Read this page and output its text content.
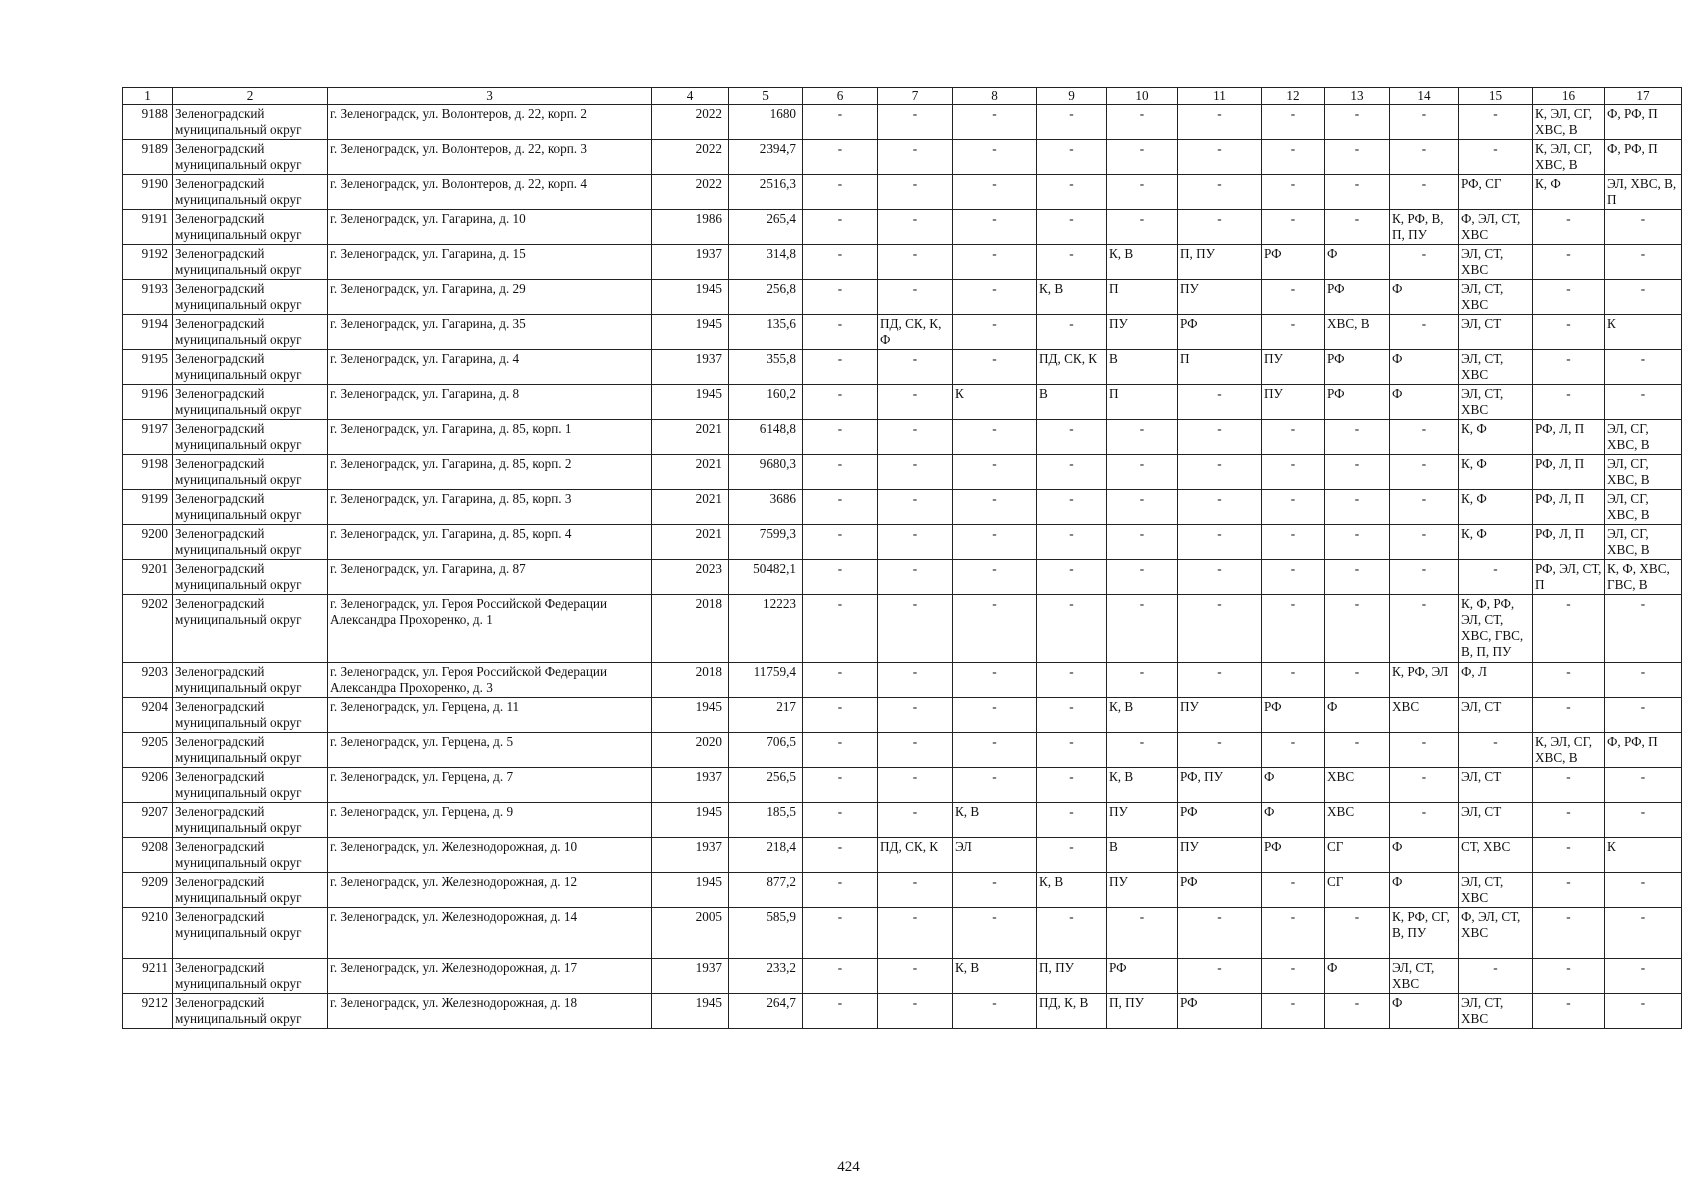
1	2	3	4	5	6	7	8	9	10	11	12	13	14	15	16	17
9188	Зеленоградский муниципальный округ	г. Зеленоградск, ул. Волонтеров, д. 22, корп. 2	2022	1680	-	-	-	-	-	-	-	-	-	-	К, ЭЛ, СГ, ХВС, В	Ф, РФ, П
9189	Зеленоградский муниципальный округ	г. Зеленоградск, ул. Волонтеров, д. 22, корп. 3	2022	2394,7	-	-	-	-	-	-	-	-	-	-	К, ЭЛ, СГ, ХВС, В	Ф, РФ, П
9190	Зеленоградский муниципальный округ	г. Зеленоградск, ул. Волонтеров, д. 22, корп. 4	2022	2516,3	-	-	-	-	-	-	-	-	-	РФ, СГ	К, Ф	ЭЛ, ХВС, В, П
9191	Зеленоградский муниципальный округ	г. Зеленоградск, ул. Гагарина, д. 10	1986	265,4	-	-	-	-	-	-	-	-	К, РФ, В, П, ПУ	Ф, ЭЛ, СТ, ХВС	-	-
9192	Зеленоградский муниципальный округ	г. Зеленоградск, ул. Гагарина, д. 15	1937	314,8	-	-	-	-	К, В	П, ПУ	РФ	Ф	-	ЭЛ, СТ, ХВС	-	-
9193	Зеленоградский муниципальный округ	г. Зеленоградск, ул. Гагарина, д. 29	1945	256,8	-	-	-	К, В	П	ПУ	-	РФ	Ф	ЭЛ, СТ, ХВС	-	-
9194	Зеленоградский муниципальный округ	г. Зеленоградск, ул. Гагарина, д. 35	1945	135,6	-	ПД, СК, К, Ф	-	-	ПУ	РФ	-	ХВС, В	-	ЭЛ, СТ	-	К
9195	Зеленоградский муниципальный округ	г. Зеленоградск, ул. Гагарина, д. 4	1937	355,8	-	-	-	ПД, СК, К	В	П	ПУ	РФ	Ф	ЭЛ, СТ, ХВС	-	-
9196	Зеленоградский муниципальный округ	г. Зеленоградск, ул. Гагарина, д. 8	1945	160,2	-	-	К	В	П	-	ПУ	РФ	Ф	ЭЛ, СТ, ХВС	-	-
9197	Зеленоградский муниципальный округ	г. Зеленоградск, ул. Гагарина, д. 85, корп. 1	2021	6148,8	-	-	-	-	-	-	-	-	-	К, Ф	РФ, Л, П	ЭЛ, СГ, ХВС, В
9198	Зеленоградский муниципальный округ	г. Зеленоградск, ул. Гагарина, д. 85, корп. 2	2021	9680,3	-	-	-	-	-	-	-	-	-	К, Ф	РФ, Л, П	ЭЛ, СГ, ХВС, В
9199	Зеленоградский муниципальный округ	г. Зеленоградск, ул. Гагарина, д. 85, корп. 3	2021	3686	-	-	-	-	-	-	-	-	-	К, Ф	РФ, Л, П	ЭЛ, СГ, ХВС, В
9200	Зеленоградский муниципальный округ	г. Зеленоградск, ул. Гагарина, д. 85, корп. 4	2021	7599,3	-	-	-	-	-	-	-	-	-	К, Ф	РФ, Л, П	ЭЛ, СГ, ХВС, В
9201	Зеленоградский муниципальный округ	г. Зеленоградск, ул. Гагарина, д. 87	2023	50482,1	-	-	-	-	-	-	-	-	-	-	РФ, ЭЛ, СТ, П	К, Ф, ХВС, ГВС, В
9202	Зеленоградский муниципальный округ	г. Зеленоградск, ул. Героя Российской Федерации Александра Прохоренко, д. 1	2018	12223	-	-	-	-	-	-	-	-	-	К, Ф, РФ, ЭЛ, СТ, ХВС, ГВС, В, П, ПУ	-	-
9203	Зеленоградский муниципальный округ	г. Зеленоградск, ул. Героя Российской Федерации Александра Прохоренко, д. 3	2018	11759,4	-	-	-	-	-	-	-	-	К, РФ, ЭЛ	Ф, Л	-	-
9204	Зеленоградский муниципальный округ	г. Зеленоградск, ул. Герцена, д. 11	1945	217	-	-	-	-	К, В	ПУ	РФ	Ф	ХВС	ЭЛ, СТ	-	-
9205	Зеленоградский муниципальный округ	г. Зеленоградск, ул. Герцена, д. 5	2020	706,5	-	-	-	-	-	-	-	-	-	-	К, ЭЛ, СГ, ХВС, В	Ф, РФ, П
9206	Зеленоградский муниципальный округ	г. Зеленоградск, ул. Герцена, д. 7	1937	256,5	-	-	-	-	К, В	РФ, ПУ	Ф	ХВС	-	ЭЛ, СТ	-	-
9207	Зеленоградский муниципальный округ	г. Зеленоградск, ул. Герцена, д. 9	1945	185,5	-	-	К, В	-	ПУ	РФ	Ф	ХВС	-	ЭЛ, СТ	-	-
9208	Зеленоградский муниципальный округ	г. Зеленоградск, ул. Железнодорожная, д. 10	1937	218,4	-	ПД, СК, К	ЭЛ	-	В	ПУ	РФ	СГ	Ф	СТ, ХВС	-	К
9209	Зеленоградский муниципальный округ	г. Зеленоградск, ул. Железнодорожная, д. 12	1945	877,2	-	-	-	К, В	ПУ	РФ	-	СГ	Ф	ЭЛ, СТ, ХВС	-	-
9210	Зеленоградский муниципальный округ	г. Зеленоградск, ул. Железнодорожная, д. 14	2005	585,9	-	-	-	-	-	-	-	-	К, РФ, СГ, В, ПУ	Ф, ЭЛ, СТ, ХВС	-	-
9211	Зеленоградский муниципальный округ	г. Зеленоградск, ул. Железнодорожная, д. 17	1937	233,2	-	-	К, В	П, ПУ	РФ	-	-	Ф	ЭЛ, СТ, ХВС	-	-	-
9212	Зеленоградский муниципальный округ	г. Зеленоградск, ул. Железнодорожная, д. 18	1945	264,7	-	-	-	ПД, К, В	П, ПУ	РФ	-	-	Ф	ЭЛ, СТ, ХВС	-	-
424
